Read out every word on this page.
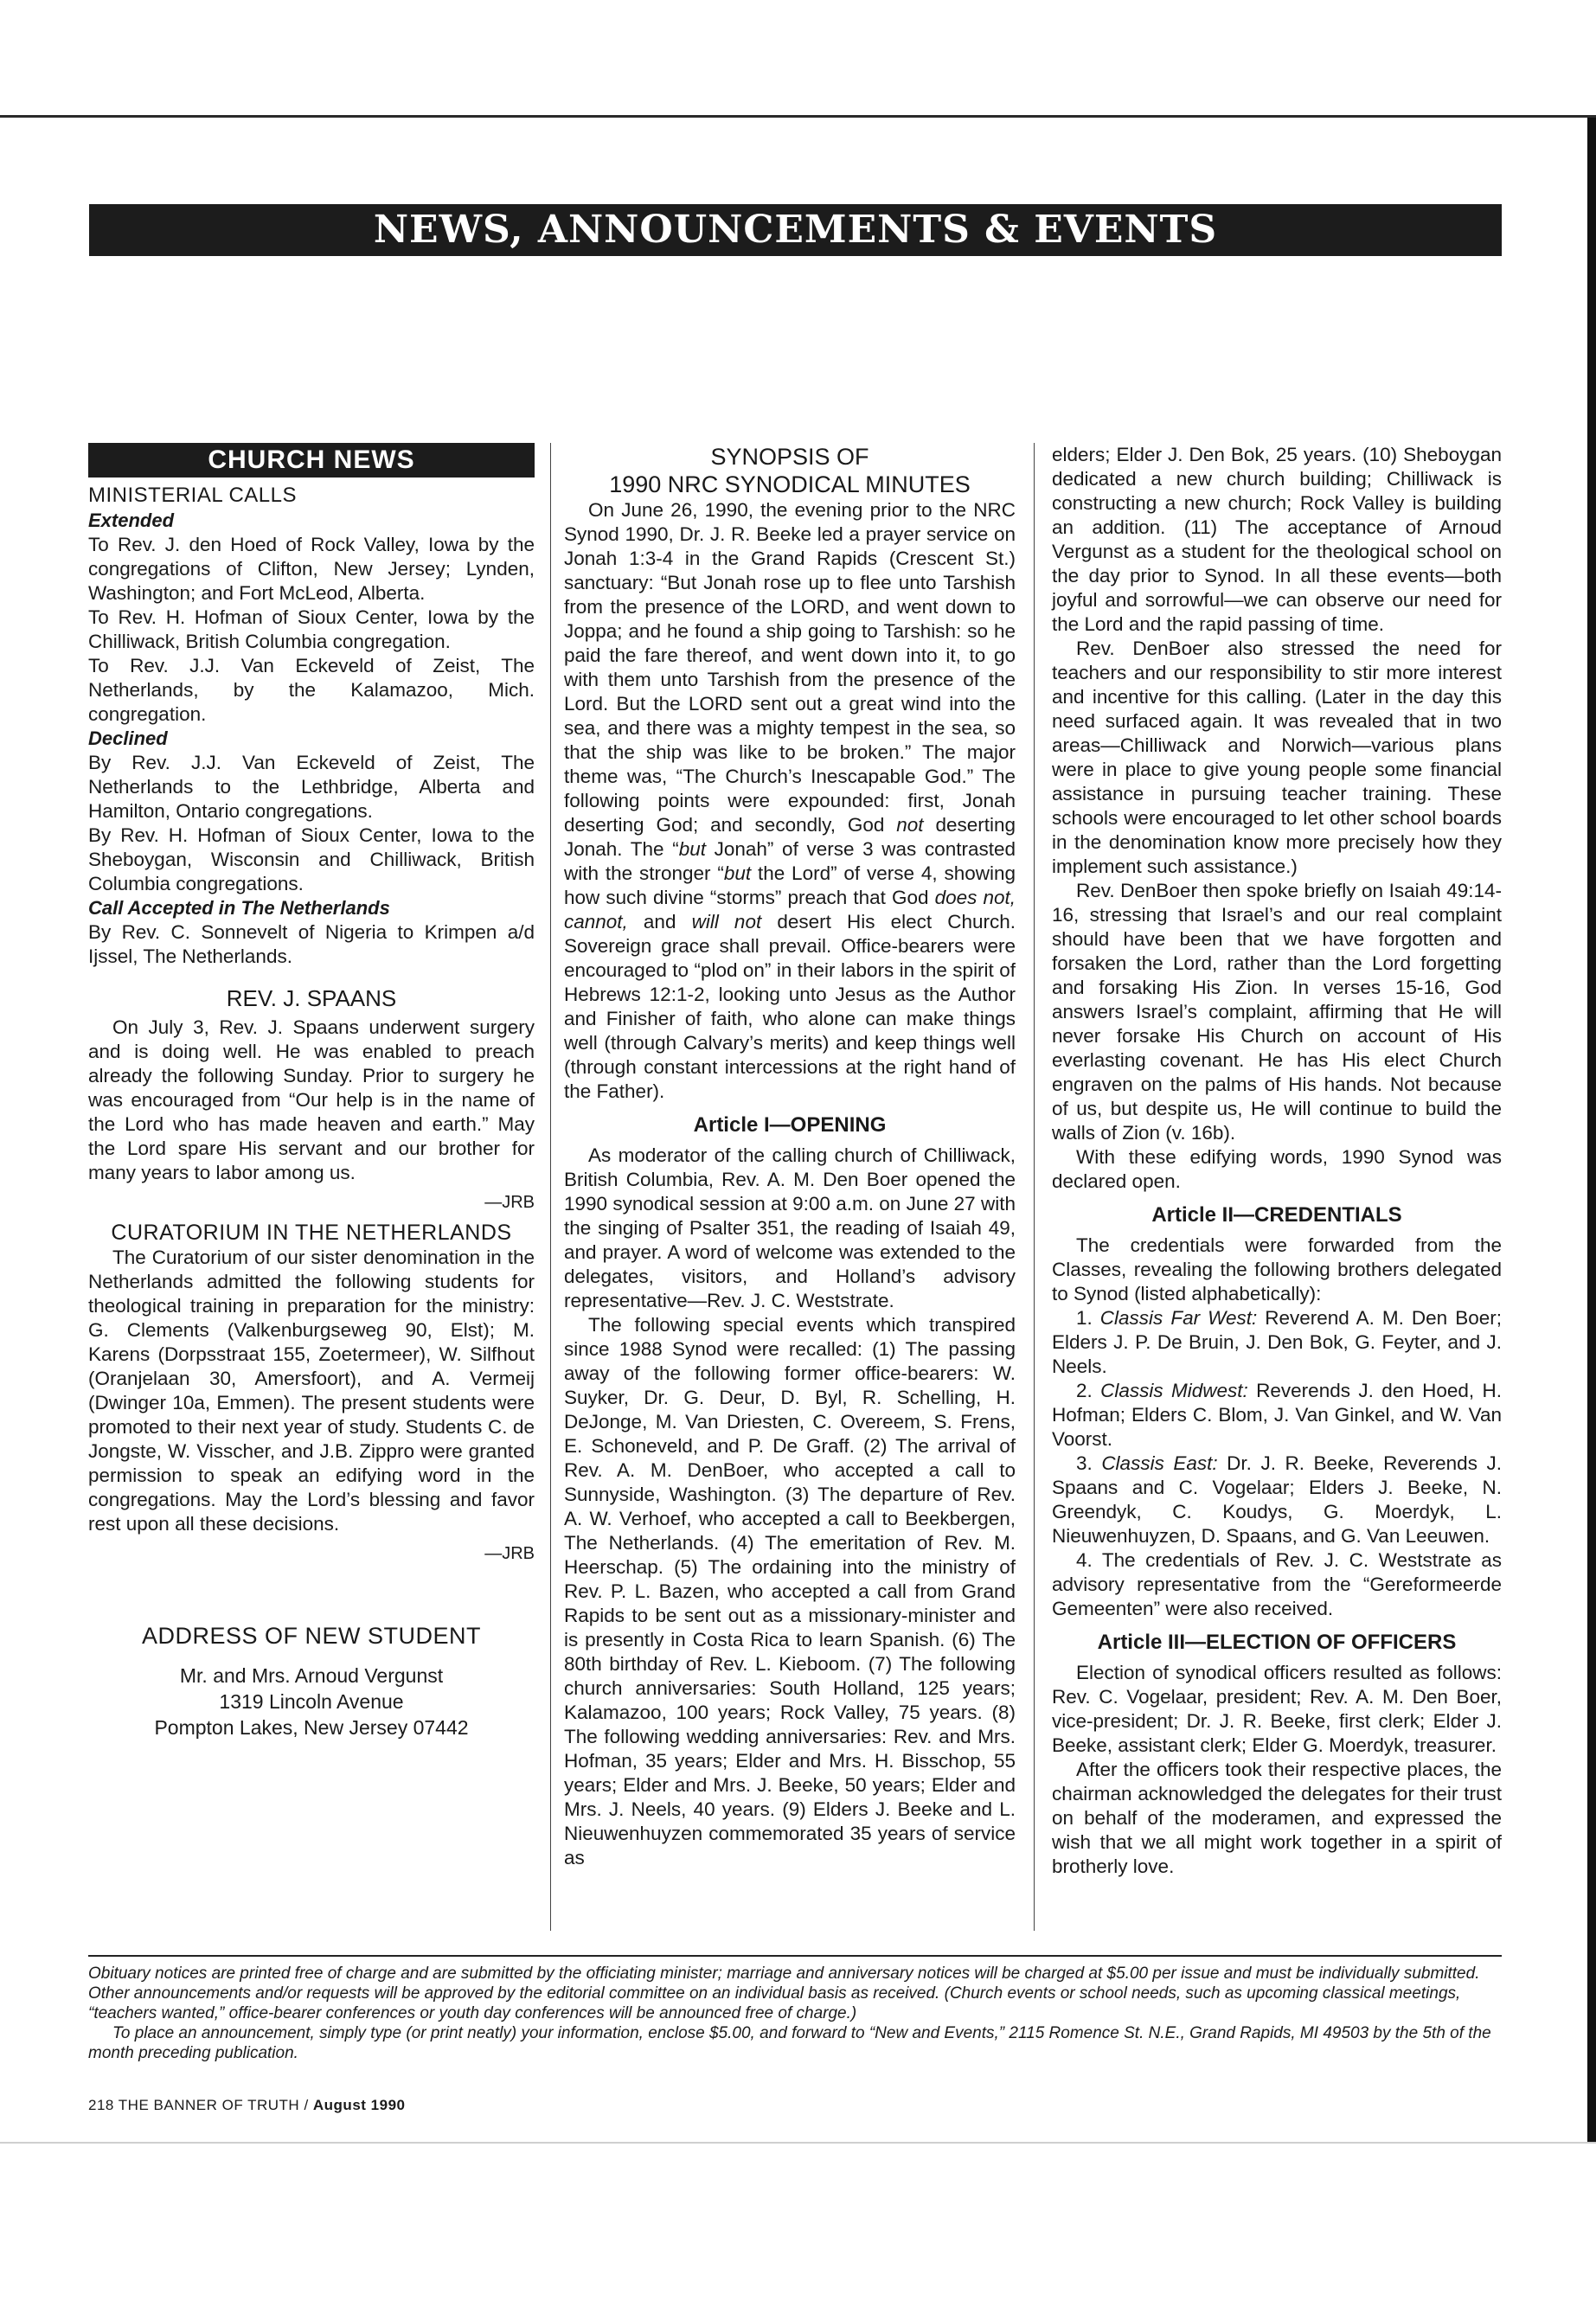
NEWS, ANNOUNCEMENTS & EVENTS
CHURCH NEWS
MINISTERIAL CALLS
Extended

To Rev. J. den Hoed of Rock Valley, Iowa by the congregations of Clifton, New Jersey; Lynden, Washington; and Fort McLeod, Alberta.

To Rev. H. Hofman of Sioux Center, Iowa by the Chilliwack, British Columbia congregation.

To Rev. J.J. Van Eckeveld of Zeist, The Netherlands, by the Kalamazoo, Mich. congregation.

Declined

By Rev. J.J. Van Eckeveld of Zeist, The Netherlands to the Lethbridge, Alberta and Hamilton, Ontario congregations.

By Rev. H. Hofman of Sioux Center, Iowa to the Sheboygan, Wisconsin and Chilliwack, British Columbia congregations.

Call Accepted in The Netherlands

By Rev. C. Sonnevelt of Nigeria to Krimpen a/d Ijssel, The Netherlands.

REV. J. SPAANS

On July 3, Rev. J. Spaans underwent surgery and is doing well. He was enabled to preach already the following Sunday. Prior to surgery he was encouraged from “Our help is in the name of the Lord who has made heaven and earth.” May the Lord spare His servant and our brother for many years to labor among us.

—JRB
CURATORIUM IN THE NETHERLANDS

The Curatorium of our sister denomination in the Netherlands admitted the following students for theological training in preparation for the ministry: G. Clements (Valkenburgseweg 90, Elst); M. Karens (Dorpsstraat 155, Zoetermeer), W. Silfhout (Oranjelaan 30, Amersfoort), and A. Vermeij (Dwinger 10a, Emmen). The present students were promoted to their next year of study. Students C. de Jongste, W. Visscher, and J.B. Zippro were granted permission to speak an edifying word in the congregations. May the Lord’s blessing and favor rest upon all these decisions.

—JRB
ADDRESS OF NEW STUDENT
Mr. and Mrs. Arnoud Vergunst
1319 Lincoln Avenue
Pompton Lakes, New Jersey 07442
SYNOPSIS OF
1990 NRC SYNODICAL MINUTES

On June 26, 1990, the evening prior to the NRC Synod 1990, Dr. J. R. Beeke led a prayer service on Jonah 1:3-4 in the Grand Rapids (Crescent St.) sanctuary: “But Jonah rose up to flee unto Tarshish from the presence of the LORD, and went down to Joppa; and he found a ship going to Tarshish: so he paid the fare thereof, and went down into it, to go with them unto Tarshish from the presence of the Lord. But the LORD sent out a great wind into the sea, and there was a mighty tempest in the sea, so that the ship was like to be broken.” The major theme was, “The Church’s Inescapable God.” The following points were expounded: first, Jonah deserting God; and secondly, God not deserting Jonah. The “but Jonah” of verse 3 was contrasted with the stronger “but the Lord” of verse 4, showing how such divine “storms” preach that God does not, cannot, and will not desert His elect Church. Sovereign grace shall prevail. Office-bearers were encouraged to “plod on” in their labors in the spirit of Hebrews 12:1-2, looking unto Jesus as the Author and Finisher of faith, who alone can make things well (through Calvary’s merits) and keep things well (through constant intercessions at the right hand of the Father).

Article I—OPENING

As moderator of the calling church of Chilliwack, British Columbia, Rev. A. M. Den Boer opened the 1990 synodical session at 9:00 a.m. on June 27 with the singing of Psalter 351, the reading of Isaiah 49, and prayer. A word of welcome was extended to the delegates, visitors, and Holland’s advisory representative—Rev. J. C. Weststrate.

The following special events which transpired since 1988 Synod were recalled: (1) The passing away of the following former office-bearers: W. Suyker, Dr. G. Deur, D. Byl, R. Schelling, H. DeJonge, M. Van Driesten, C. Overeem, S. Frens, E. Schoneveld, and P. De Graff. (2) The arrival of Rev. A. M. DenBoer, who accepted a call to Sunnyside, Washington. (3) The departure of Rev. A. W. Verhoef, who accepted a call to Beekbergen, The Netherlands. (4) The emeritation of Rev. M. Heerschap. (5) The ordaining into the ministry of Rev. P. L. Bazen, who accepted a call from Grand Rapids to be sent out as a missionary-minister and is presently in Costa Rica to learn Spanish. (6) The 80th birthday of Rev. L. Kieboom. (7) The following church anniversaries: South Holland, 125 years; Kalamazoo, 100 years; Rock Valley, 75 years. (8) The following wedding anniversaries: Rev. and Mrs. Hofman, 35 years; Elder and Mrs. H. Bisschop, 55 years; Elder and Mrs. J. Beeke, 50 years; Elder and Mrs. J. Neels, 40 years. (9) Elders J. Beeke and L. Nieuwenhuyzen commemorated 35 years of service as

elders; Elder J. Den Bok, 25 years. (10) Sheboygan dedicated a new church building; Chilliwack is constructing a new church; Rock Valley is building an addition. (11) The acceptance of Arnoud Vergunst as a student for the theological school on the day prior to Synod. In all these events—both joyful and sorrowful—we can observe our need for the Lord and the rapid passing of time.

Rev. DenBoer also stressed the need for teachers and our responsibility to stir more interest and incentive for this calling. (Later in the day this need surfaced again. It was revealed that in two areas—Chilliwack and Norwich—various plans were in place to give young people some financial assistance in pursuing teacher training. These schools were encouraged to let other school boards in the denomination know more precisely how they implement such assistance.)

Rev. DenBoer then spoke briefly on Isaiah 49:14-16, stressing that Israel’s and our real complaint should have been that we have forgotten and forsaken the Lord, rather than the Lord forgetting and forsaking His Zion. In verses 15-16, God answers Israel’s complaint, affirming that He will never forsake His Church on account of His everlasting covenant. He has His elect Church engraven on the palms of His hands. Not because of us, but despite us, He will continue to build the walls of Zion (v. 16b).

With these edifying words, 1990 Synod was declared open.

Article II—CREDENTIALS

The credentials were forwarded from the Classes, revealing the following brothers delegated to Synod (listed alphabetically):

1. Classis Far West: Reverend A. M. Den Boer; Elders J. P. De Bruin, J. Den Bok, G. Feyter, and J. Neels.

2. Classis Midwest: Reverends J. den Hoed, H. Hofman; Elders C. Blom, J. Van Ginkel, and W. Van Voorst.

3. Classis East: Dr. J. R. Beeke, Reverends J. Spaans and C. Vogelaar; Elders J. Beeke, N. Greendyk, C. Koudys, G. Moerdyk, L. Nieuwenhuyzen, D. Spaans, and G. Van Leeuwen.

4. The credentials of Rev. J. C. Weststrate as advisory representative from the “Gereformeerde Gemeenten” were also received.

Article III—ELECTION OF OFFICERS

Election of synodical officers resulted as follows: Rev. C. Vogelaar, president; Rev. A. M. Den Boer, vice-president; Dr. J. R. Beeke, first clerk; Elder J. Beeke, assistant clerk; Elder G. Moerdyk, treasurer.

After the officers took their respective places, the chairman acknowledged the delegates for their trust on behalf of the moderamen, and expressed the wish that we all might work together in a spirit of brotherly love.

Obituary notices are printed free of charge and are submitted by the officiating minister; marriage and anniversary notices will be charged at $5.00 per issue and must be individually submitted. Other announcements and/or requests will be approved by the editorial committee on an individual basis as received. (Church events or school needs, such as upcoming classical meetings, “teachers wanted,” office-bearer conferences or youth day conferences will be announced free of charge.)

To place an announcement, simply type (or print neatly) your information, enclose $5.00, and forward to “New and Events,” 2115 Romence St. N.E., Grand Rapids, MI 49503 by the 5th of the month preceding publication.

218 THE BANNER OF TRUTH / August 1990
